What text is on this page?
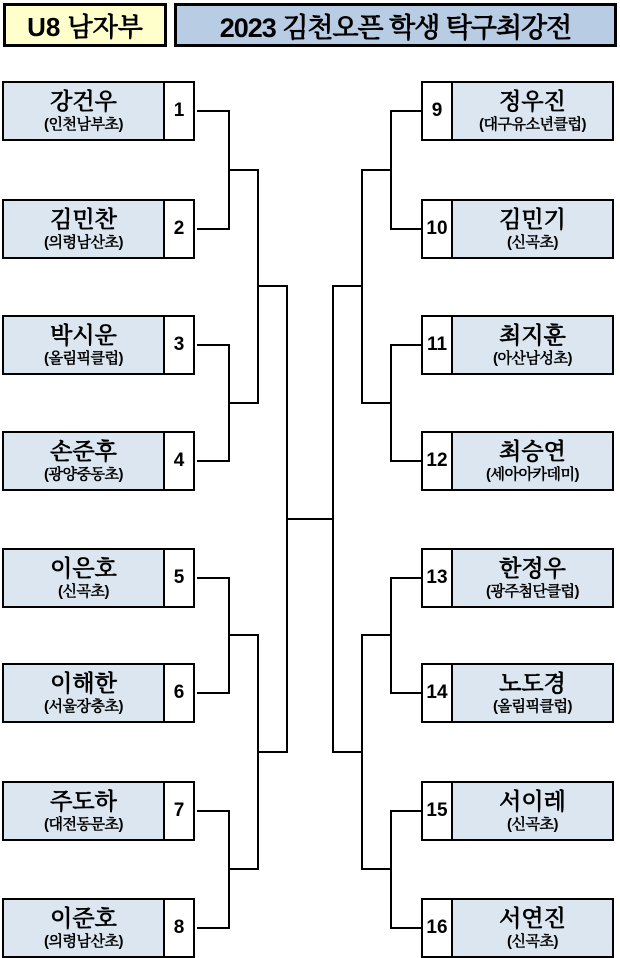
U8 남자부	2023 김천오픈 학생 탁구최강전
강건우
(인천남부초)
1
김민찬
(의령남산초)
2
박시운
(올림픽클럽)
3
손준후
(광양중동초)
4
이은호
(신곡초)
5
이해한
(서울장충초)
6
주도하
(대전동문초)
7
이준호
(의령남산초)
8
9	정우진
(대구유소년클럽)
10 김민기
(신곡초)
11 최지훈
(아산남성초)
12 최승연
(세아아카데미)
13 한정우
(광주첨단클럽)
14 노도경
(올림픽클럽)
15 서이레
(신곡초)
16 서연진
(신곡초)
